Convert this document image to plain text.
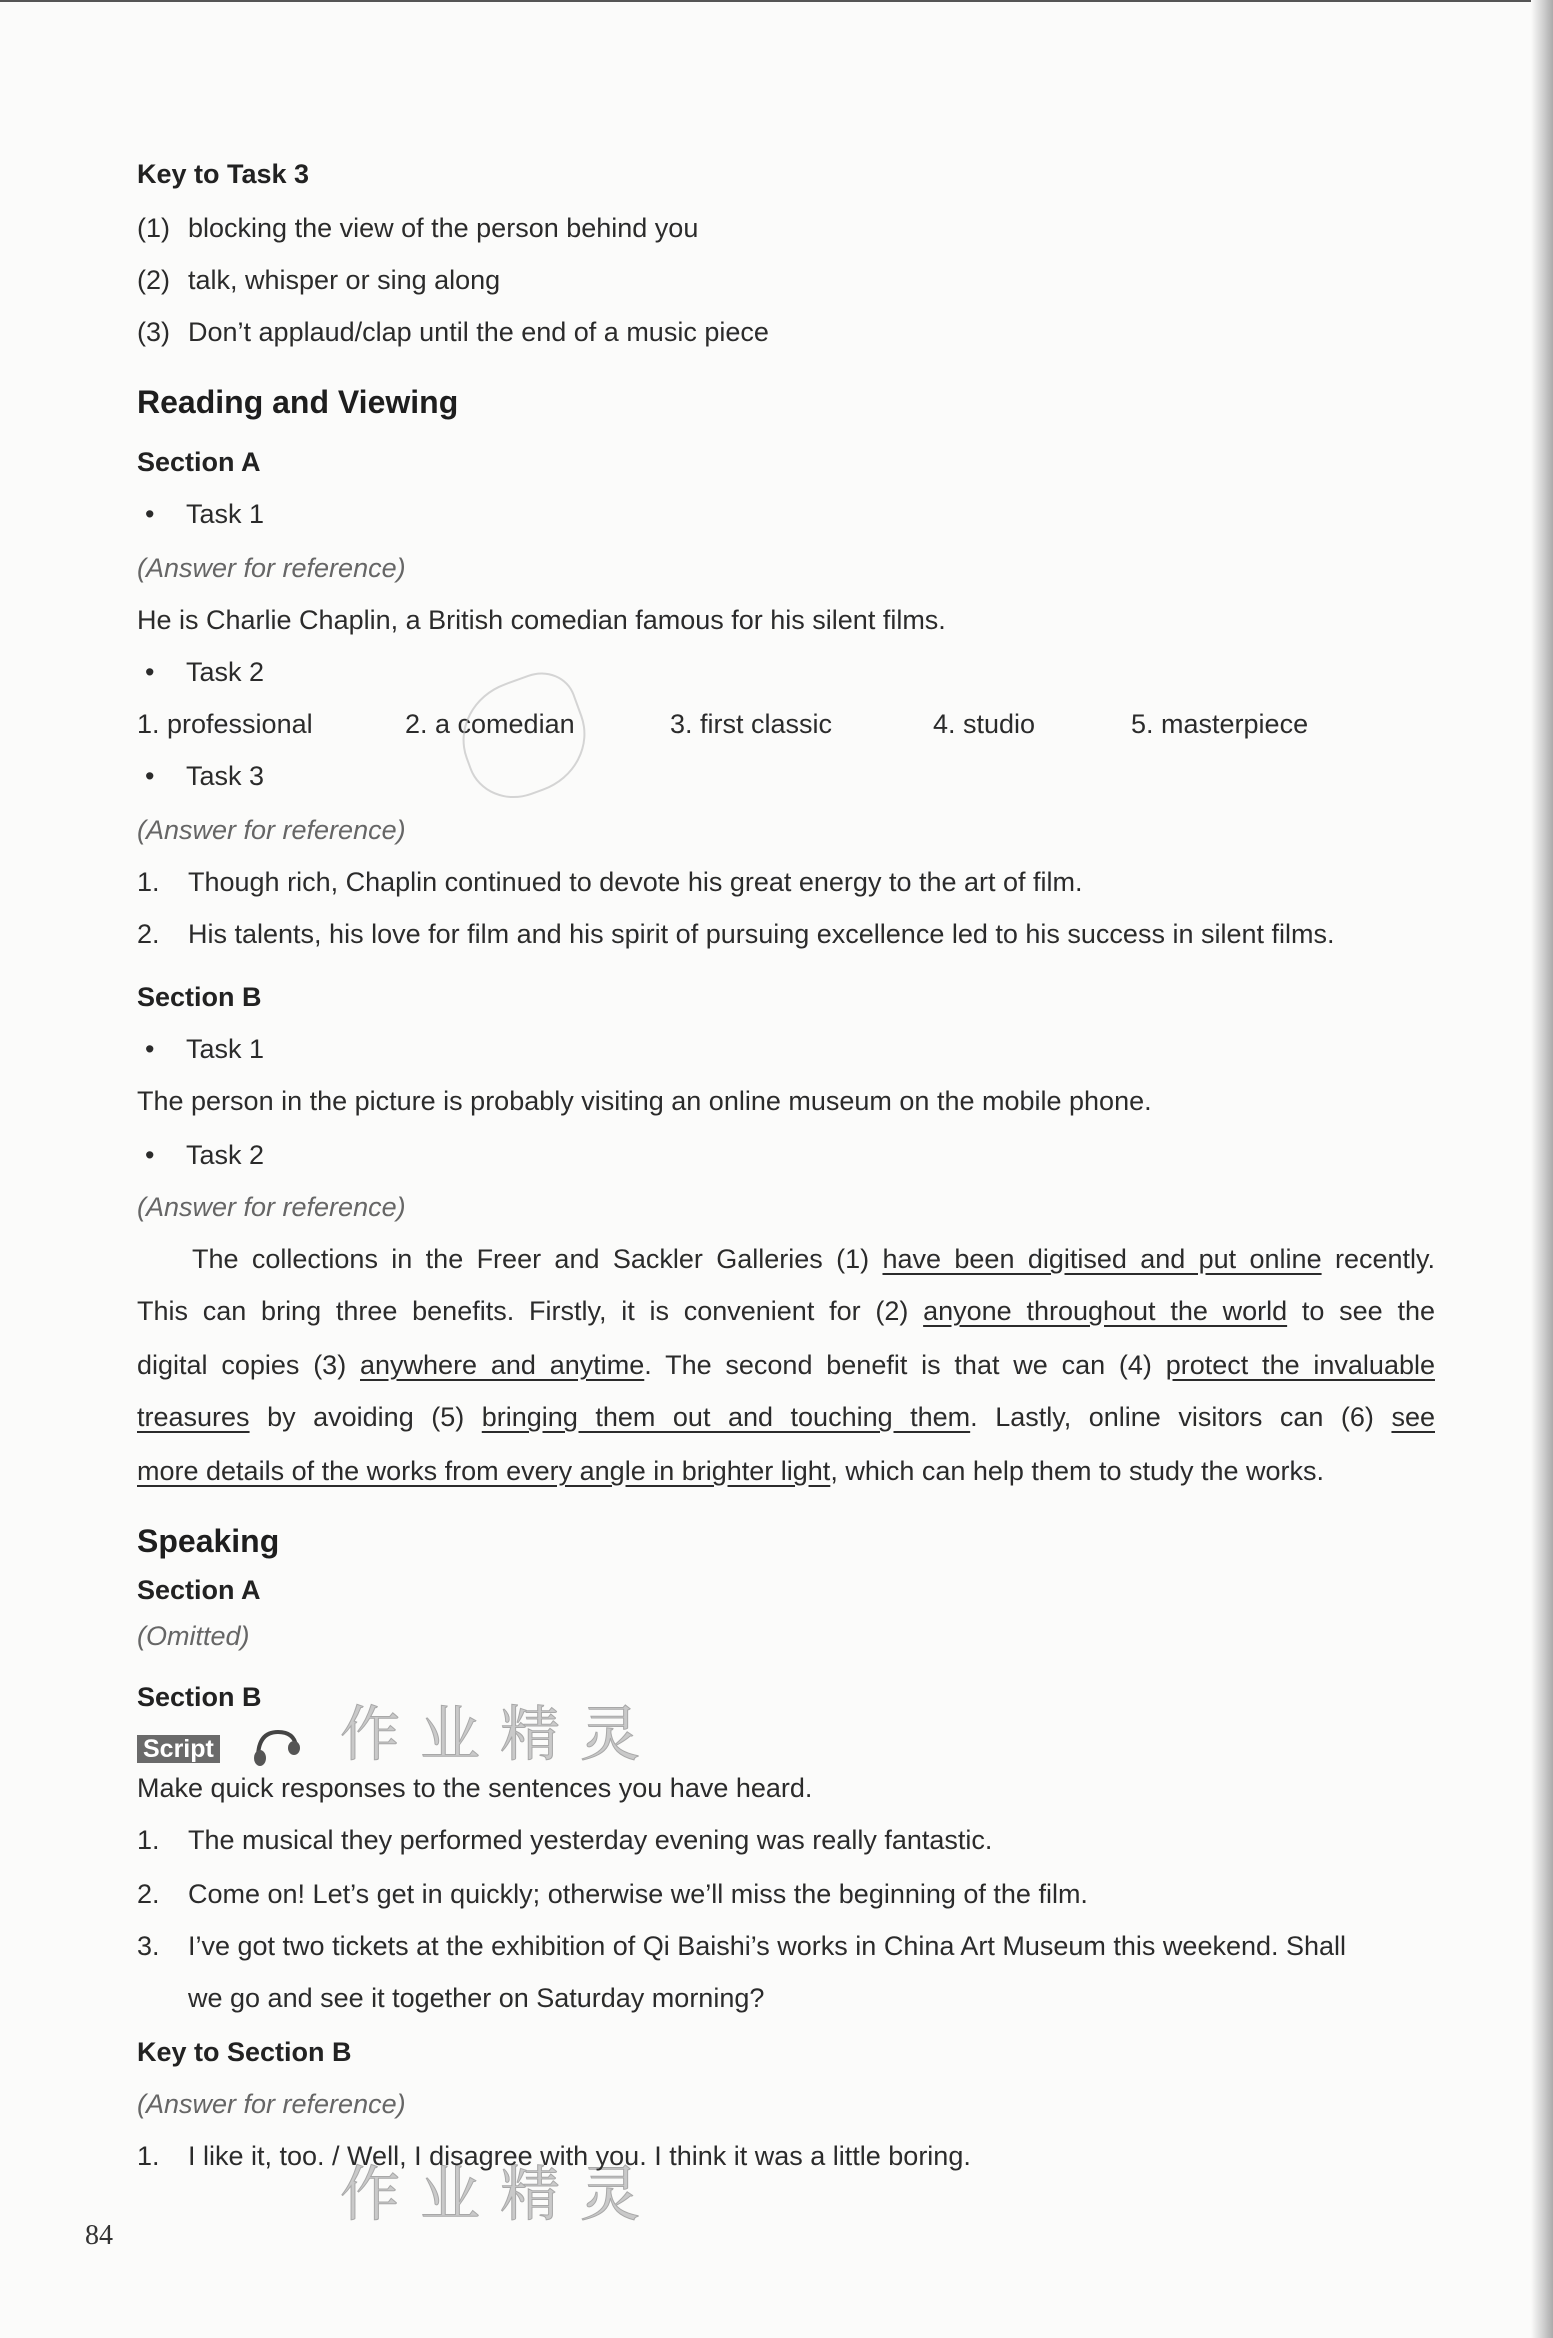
Key to Task 3
(1) blocking the view of the person behind you
(2) talk, whisper or sing along
(3) Don’t applaud/clap until the end of a music piece
Reading and Viewing
Section A
• Task 1
(Answer for reference)
He is Charlie Chaplin, a British comedian famous for his silent films.
• Task 2
1. professional	2. a comedian	3. first classic	4. studio	5. masterpiece
• Task 3
(Answer for reference)
1. Though rich, Chaplin continued to devote his great energy to the art of film.
2. His talents, his love for film and his spirit of pursuing excellence led to his success in silent films.
Section B
• Task 1
The person in the picture is probably visiting an online museum on the mobile phone.
• Task 2
(Answer for reference)
The collections in the Freer and Sackler Galleries (1) have been digitised and put online recently.
This can bring three benefits. Firstly, it is convenient for (2) anyone throughout the world to see the
digital copies (3) anywhere and anytime. The second benefit is that we can (4) protect the invaluable
treasures by avoiding (5) bringing them out and touching them. Lastly, online visitors can (6) see
more details of the works from every angle in brighter light, which can help them to study the works.
Speaking
Section A
(Omitted)
Section B
Script 作业精灵
Make quick responses to the sentences you have heard.
1. The musical they performed yesterday evening was really fantastic.
2. Come on! Let’s get in quickly; otherwise we’ll miss the beginning of the film.
3. I’ve got two tickets at the exhibition of Qi Baishi’s works in China Art Museum this weekend. Shall
we go and see it together on Saturday morning?
Key to Section B
(Answer for reference)
作业精灵
1. I like it, too. / Well, I disagree with you. I think it was a little boring.
84
